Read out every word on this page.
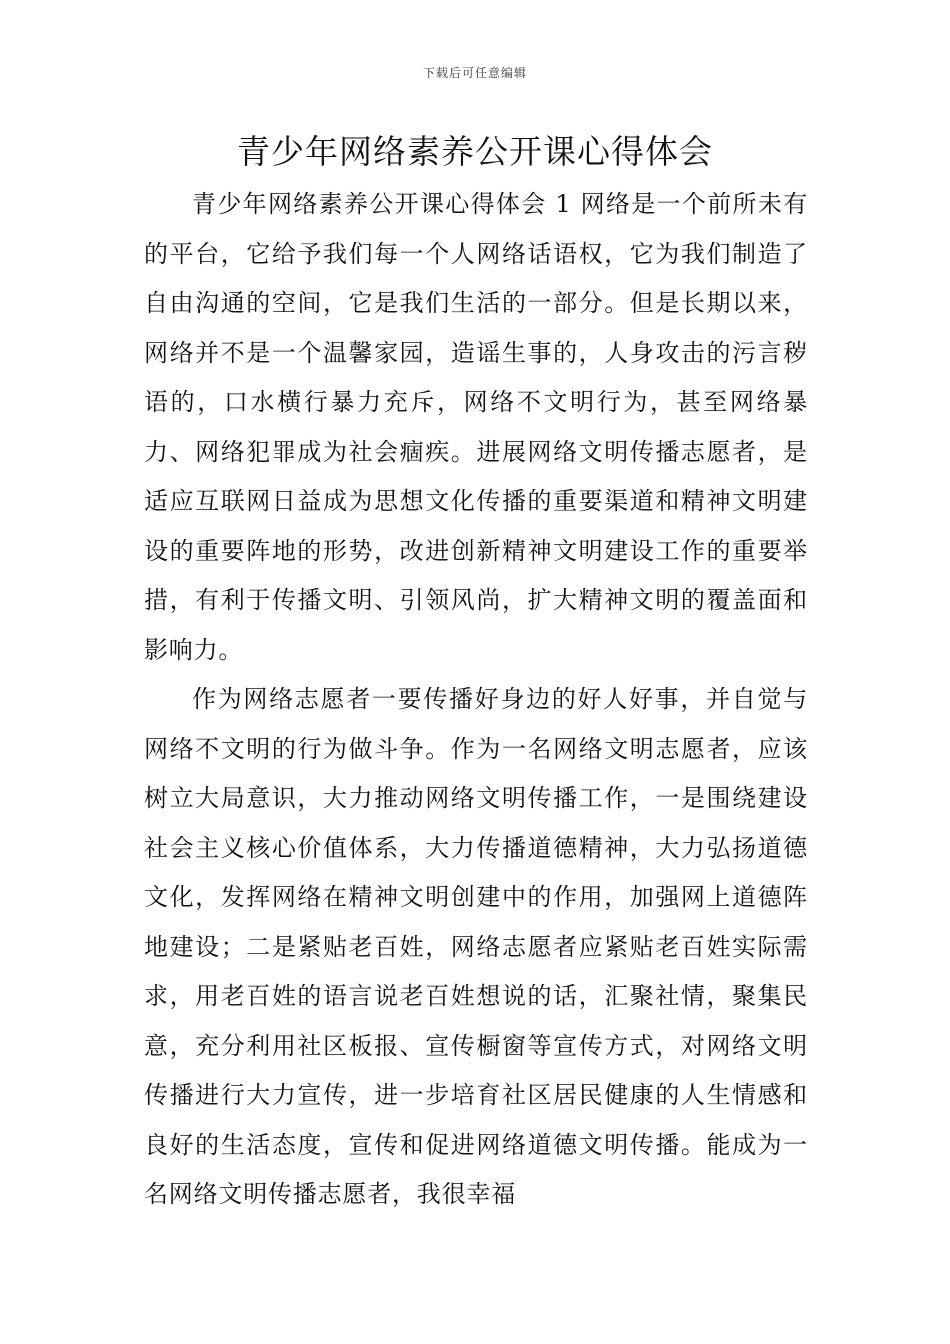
下载后可任意编辑
青少年网络素养公开课心得体会

青少年网络素养公开课心得体会 1 网络是一个前所未有的平台，它给予我们每一个人网络话语权，它为我们制造了自由沟通的空间，它是我们生活的一部分。但是长期以来，网络并不是一个温馨家园，造谣生事的，人身攻击的污言秽语的，口水横行暴力充斥，网络不文明行为，甚至网络暴力、网络犯罪成为社会痼疾。进展网络文明传播志愿者，是适应互联网日益成为思想文化传播的重要渠道和精神文明建设的重要阵地的形势，改进创新精神文明建设工作的重要举措，有利于传播文明、引领风尚，扩大精神文明的覆盖面和影响力。

作为网络志愿者一要传播好身边的好人好事，并自觉与网络不文明的行为做斗争。作为一名网络文明志愿者，应该树立大局意识，大力推动网络文明传播工作，一是围绕建设社会主义核心价值体系，大力传播道德精神，大力弘扬道德文化，发挥网络在精神文明创建中的作用，加强网上道德阵地建设；二是紧贴老百姓，网络志愿者应紧贴老百姓实际需求，用老百姓的语言说老百姓想说的话，汇聚社情，聚集民意，充分利用社区板报、宣传橱窗等宣传方式，对网络文明传播进行大力宣传，进一步培育社区居民健康的人生情感和良好的生活态度，宣传和促进网络道德文明传播。能成为一名网络文明传播志愿者，我很幸福
